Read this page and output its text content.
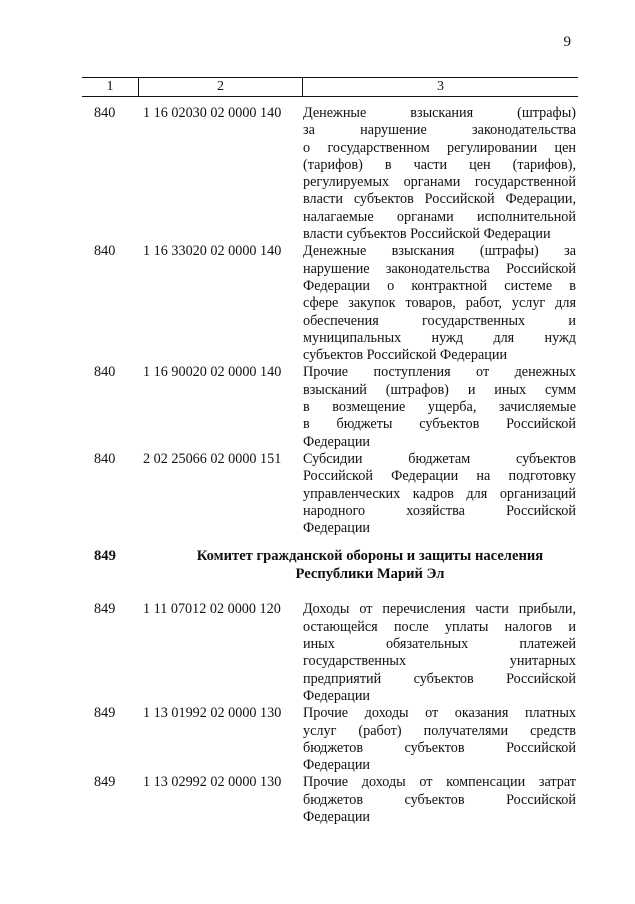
9
1	2	3
840 1 16 02030 02 0000 140 Денежные взыскания (штрафы)
за нарушение законодательства
о государственном регулировании цен
(тарифов) в части цен (тарифов),
регулируемых органами государственной
власти субъектов Российской Федерации,
налагаемые органами исполнительной
власти субъектов Российской Федерации
840 1 16 33020 02 0000 140 Денежные взыскания (штрафы) за
нарушение законодательства Российской
Федерации о контрактной системе в
сфере закупок товаров, работ, услуг для
обеспечения государственных и
муниципальных нужд для нужд
субъектов Российской Федерации
840 1 16 90020 02 0000 140 Прочие поступления от денежных
взысканий (штрафов) и иных сумм
в возмещение ущерба, зачисляемые
в бюджеты субъектов Российской
Федерации
840 2 02 25066 02 0000 151 Субсидии бюджетам субъектов
Российской Федерации на подготовку
управленческих кадров для организаций
народного хозяйства Российской
Федерации
849	Комитет гражданской обороны и защиты населения
Республики Марий Эл
849 1 11 07012 02 0000 120 Доходы от перечисления части прибыли,
остающейся после уплаты налогов и
иных обязательных платежей
государственных унитарных
предприятий субъектов Российской
Федерации
849 1 13 01992 02 0000 130 Прочие доходы от оказания платных
услуг (работ) получателями средств
бюджетов субъектов Российской
Федерации
849 1 13 02992 02 0000 130 Прочие доходы от компенсации затрат
бюджетов субъектов Российской
Федерации
